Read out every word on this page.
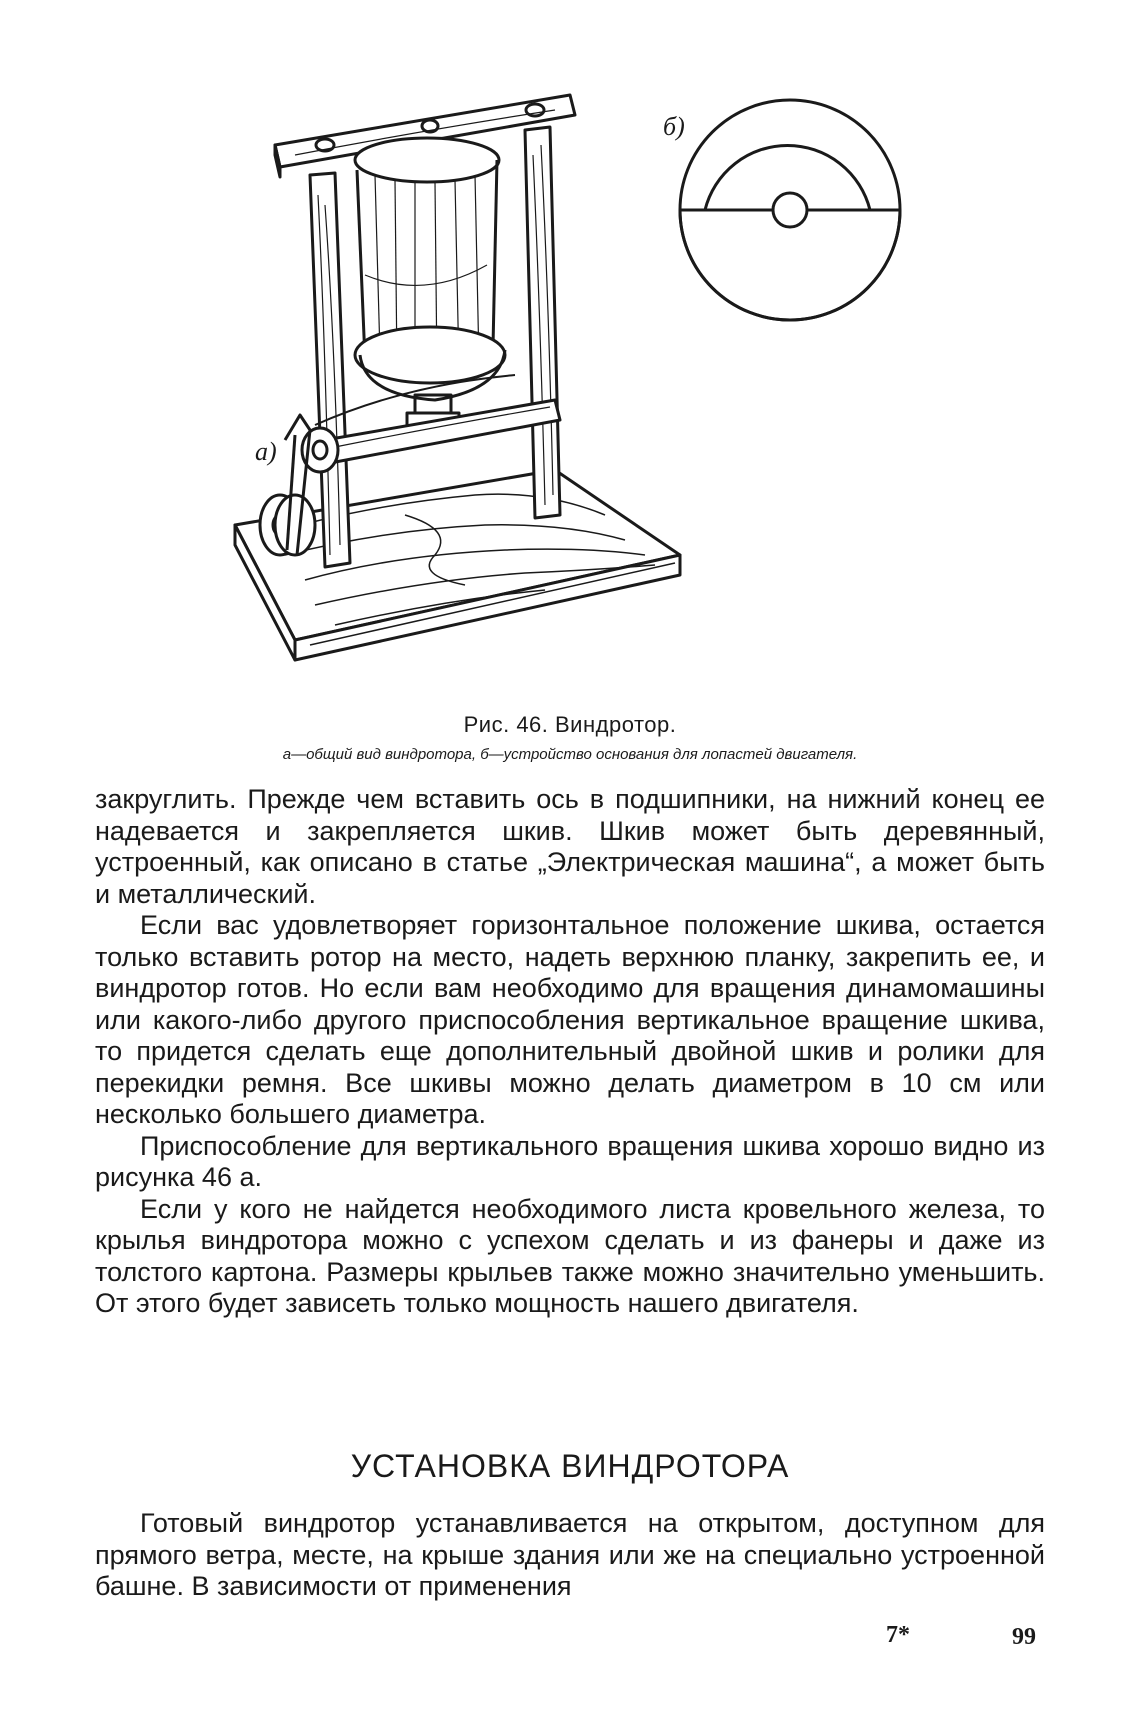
а)
б)
Рис. 46. Виндротор.
а—общий вид виндротора, б—устройство основания для лопастей двигателя.

закруглить. Прежде чем вставить ось в подшипники, на нижний конец ее надевается и закрепляется шкив. Шкив может быть деревянный, устроенный, как описано в статье „Электрическая машина“, а может быть и металлический.

Если вас удовлетворяет горизонтальное положение шкива, остается только вставить ротор на место, надеть верхнюю планку, закрепить ее, и виндротор готов. Но если вам необходимо для вращения динамомашины или какого-либо другого приспособления вертикальное вращение шкива, то придется сделать еще дополнительный двойной шкив и ролики для перекидки ремня. Все шкивы можно делать диаметром в 10 см или несколько большего диаметра.

Приспособление для вертикального вращения шкива хорошо видно из рисунка 46 а.

Если у кого не найдется необходимого листа кровельного железа, то крылья виндротора можно с успехом сделать и из фанеры и даже из толстого картона. Размеры крыльев также можно значительно уменьшить. От этого будет зависеть только мощность нашего двигателя.

УСТАНОВКА ВИНДРОТОРА

Готовый виндротор устанавливается на открытом, доступном для прямого ветра, месте, на крыше здания или же на специально устроенной башне. В зависимости от применения

7*	99
